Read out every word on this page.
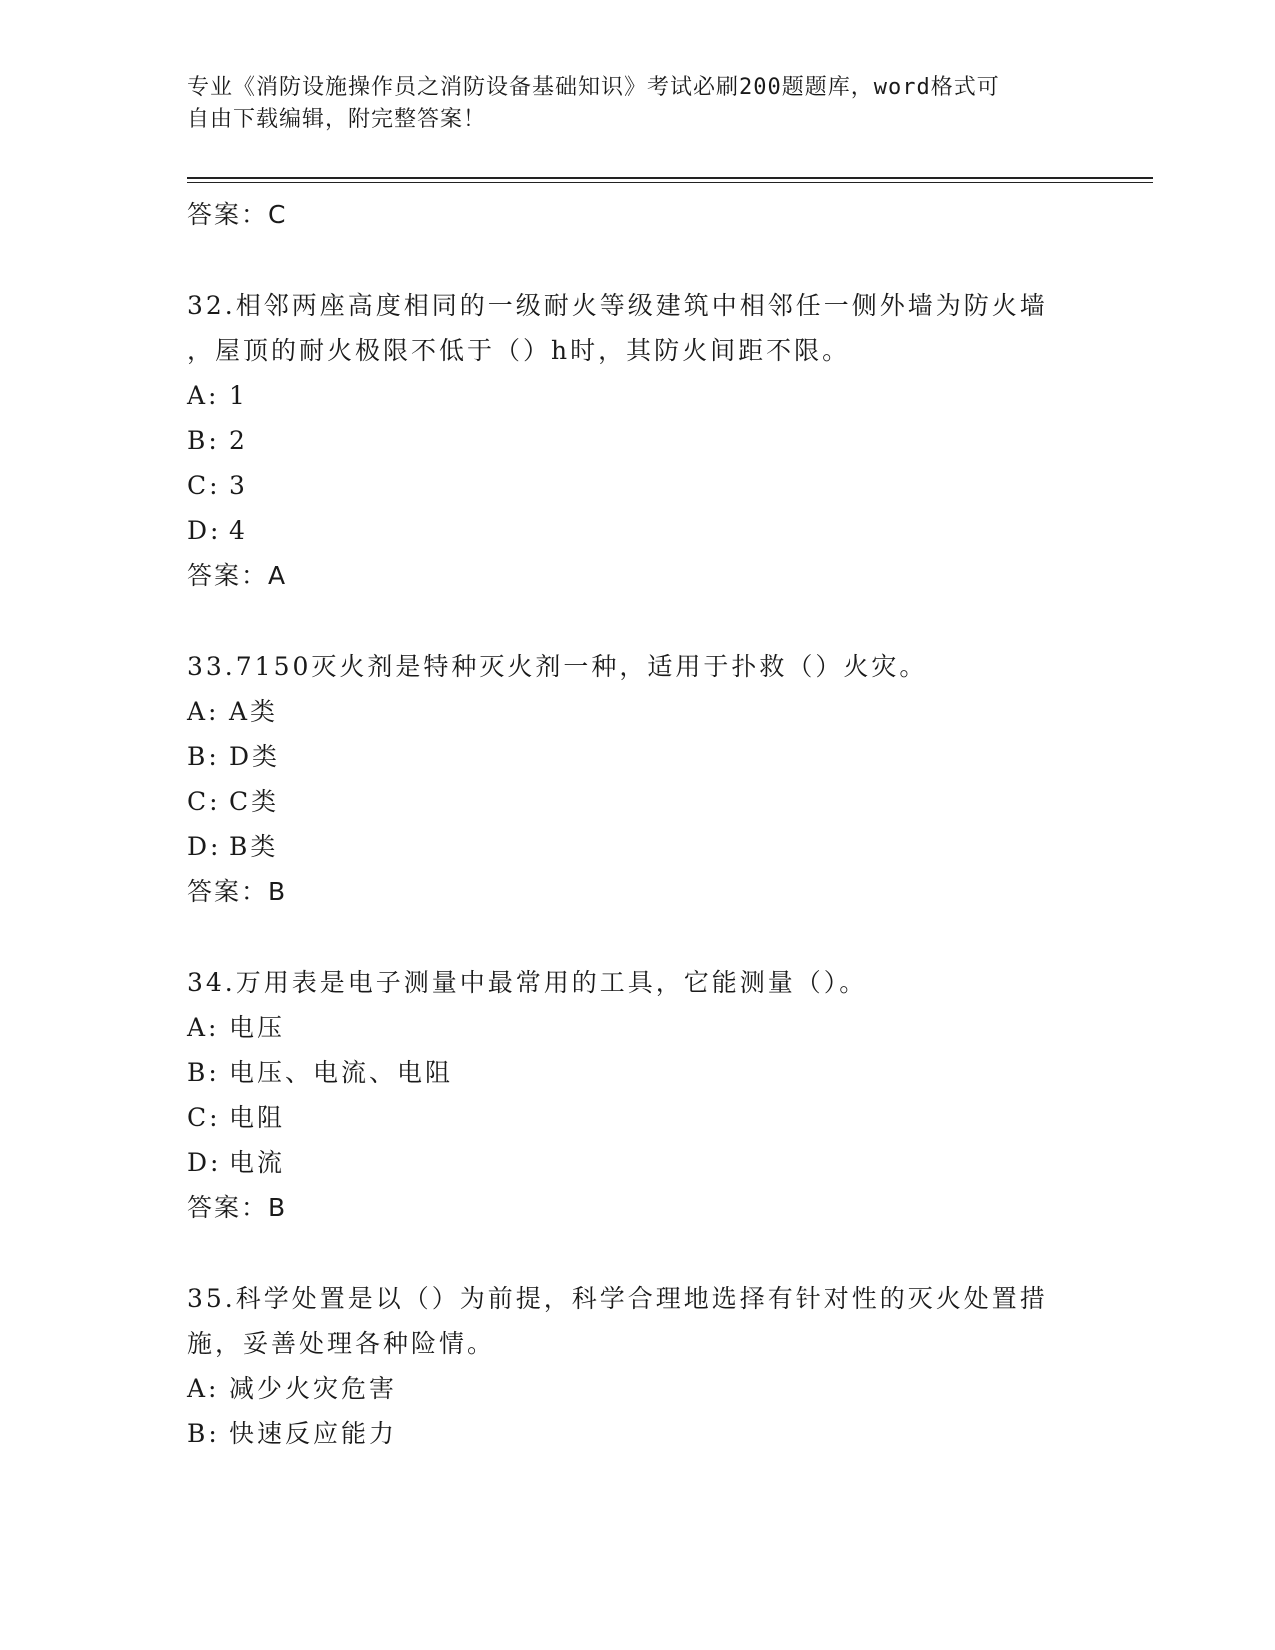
专业《消防设施操作员之消防设备基础知识》考试必刷200题题库，word格式可
自由下载编辑，附完整答案！
答案：C
32.相邻两座高度相同的一级耐火等级建筑中相邻任一侧外墙为防火墙
，屋顶的耐火极限不低于（）h时，其防火间距不限。
A: 1
B: 2
C: 3
D: 4
答案：A
33.7150灭火剂是特种灭火剂一种，适用于扑救（）火灾。
A: A类
B: D类
C: C类
D: B类
答案：B
34.万用表是电子测量中最常用的工具，它能测量（）。
A: 电压
B: 电压、电流、电阻
C: 电阻
D: 电流
答案：B
35.科学处置是以（）为前提，科学合理地选择有针对性的灭火处置措
施，妥善处理各种险情。
A: 减少火灾危害
B: 快速反应能力
